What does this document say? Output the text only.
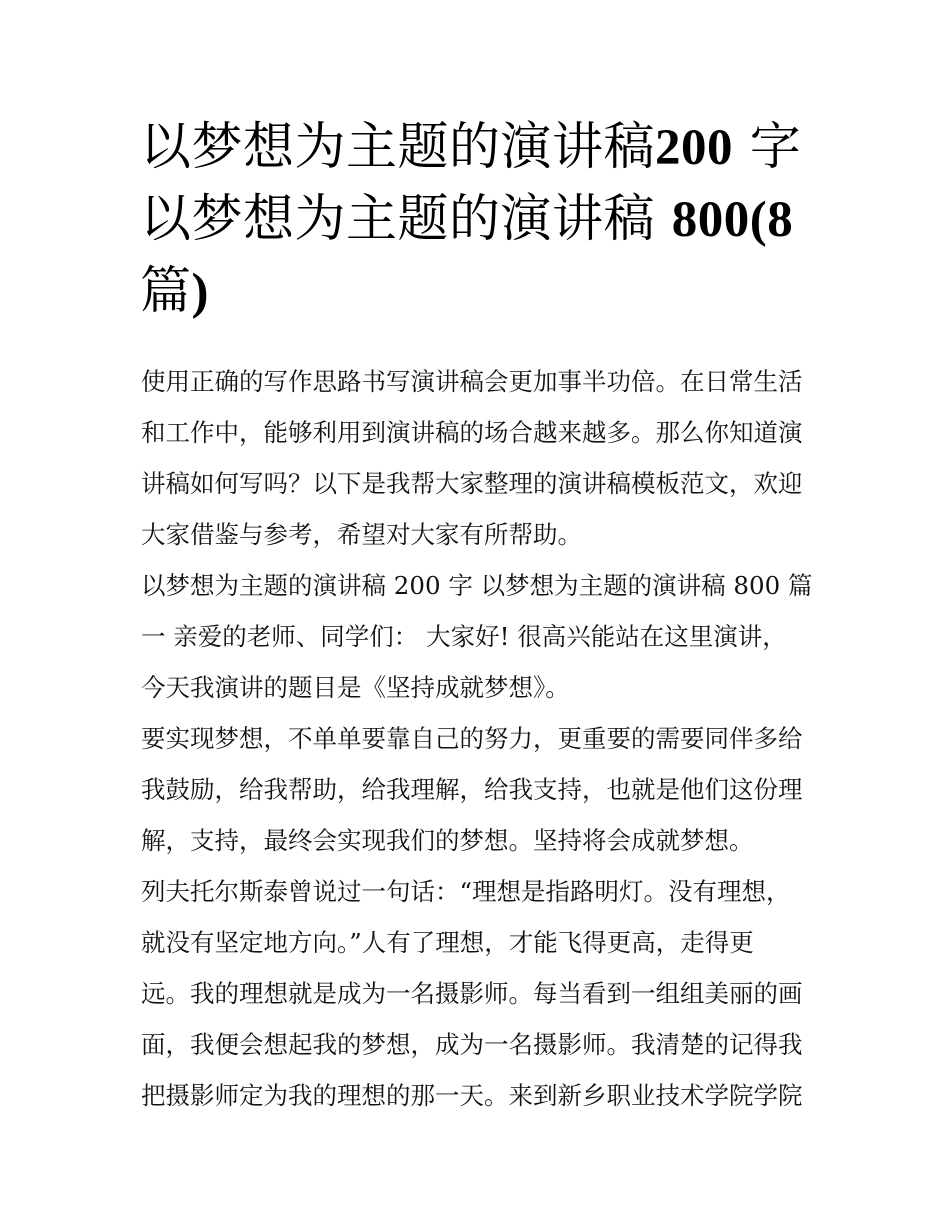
以梦想为主题的演讲稿200 字
以梦想为主题的演讲稿 800(8
篇)
使用正确的写作思路书写演讲稿会更加事半功倍。在日常生活
和工作中，能够利用到演讲稿的场合越来越多。那么你知道演
讲稿如何写吗？以下是我帮大家整理的演讲稿模板范文，欢迎
大家借鉴与参考，希望对大家有所帮助。
以梦想为主题的演讲稿 200 字 以梦想为主题的演讲稿 800 篇
一 亲爱的老师、同学们： 大家好! 很高兴能站在这里演讲，
今天我演讲的题目是《坚持成就梦想》。
要实现梦想，不单单要靠自己的努力，更重要的需要同伴多给
我鼓励，给我帮助，给我理解，给我支持，也就是他们这份理
解，支持，最终会实现我们的梦想。坚持将会成就梦想。
列夫托尔斯泰曾说过一句话：“理想是指路明灯。没有理想，
就没有坚定地方向。”人有了理想，才能飞得更高，走得更
远。我的理想就是成为一名摄影师。每当看到一组组美丽的画
面，我便会想起我的梦想，成为一名摄影师。我清楚的记得我
把摄影师定为我的理想的那一天。来到新乡职业技术学院学院
